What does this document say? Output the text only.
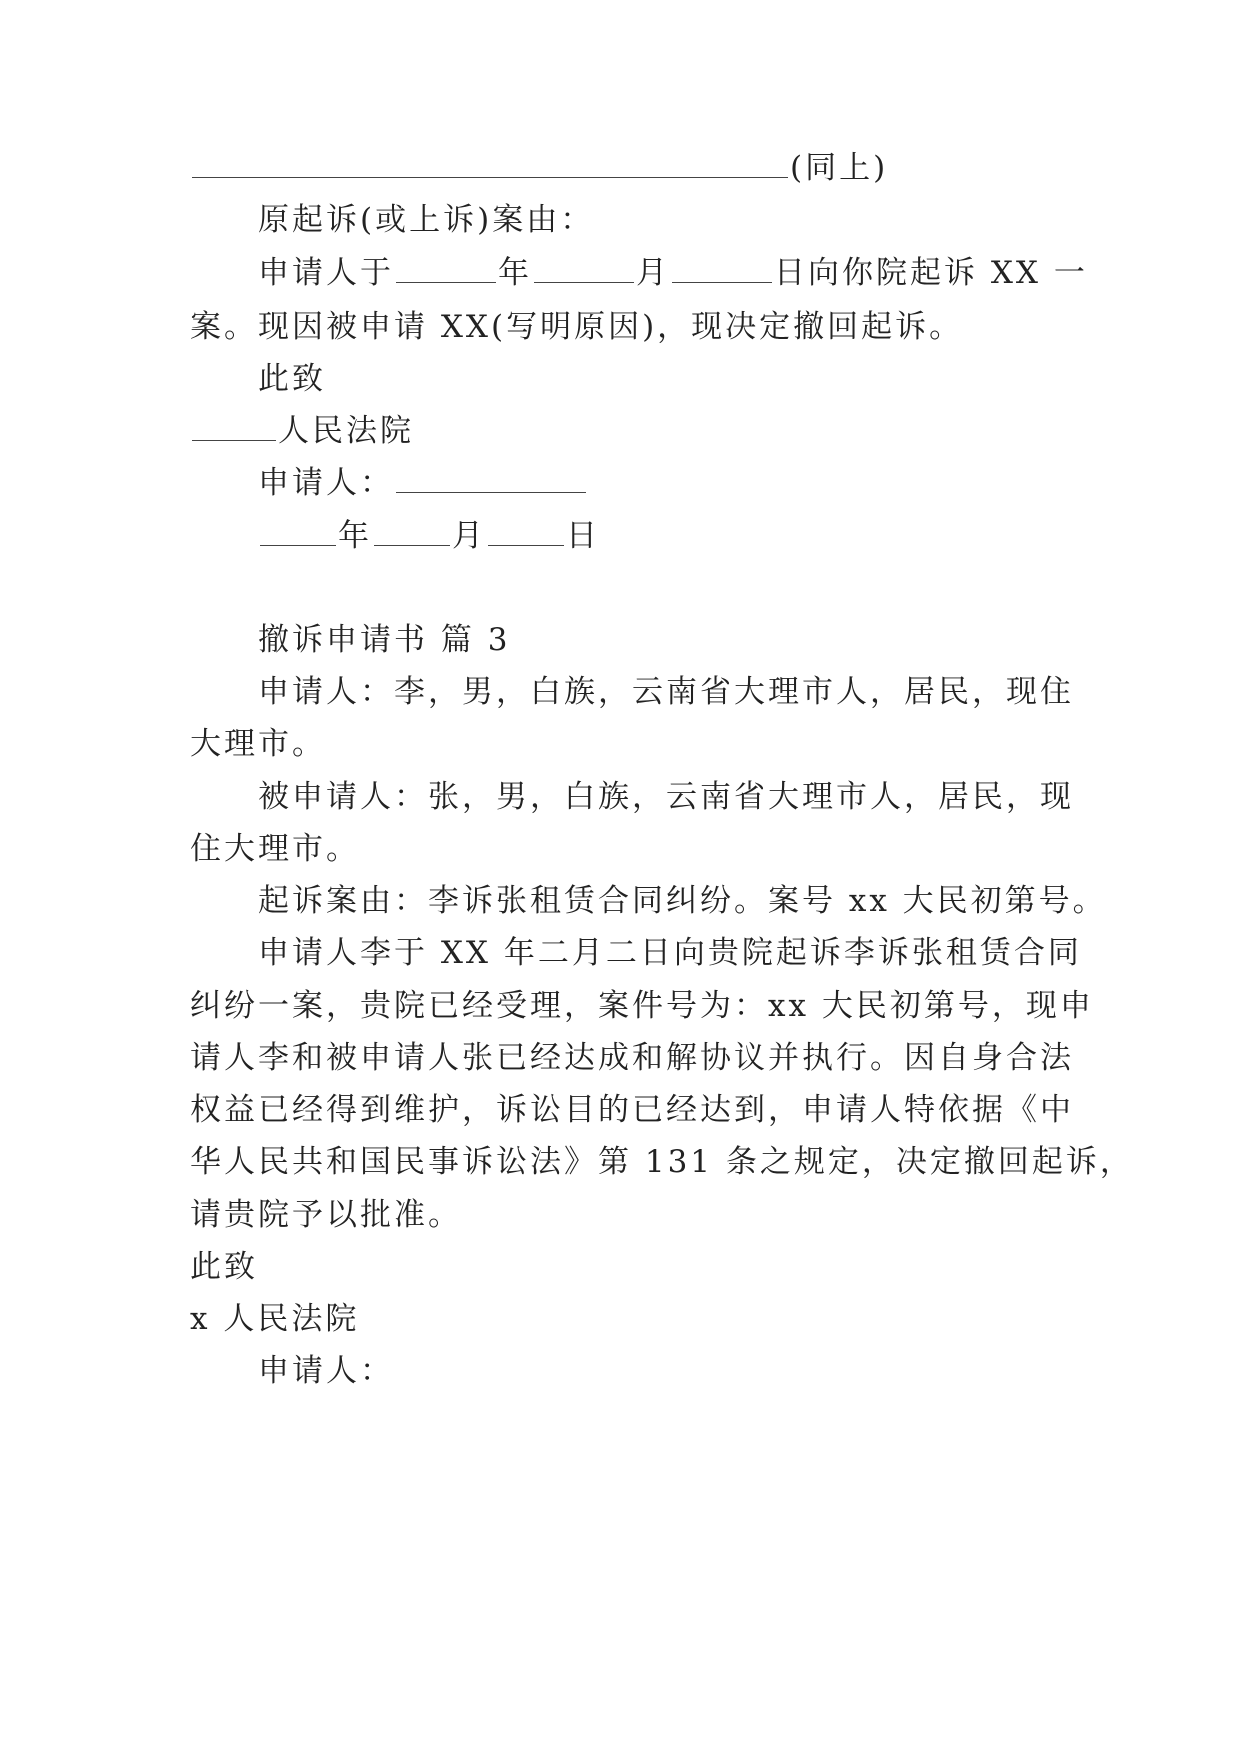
(同上)
原起诉(或上诉)案由：
申请人于	年	月	日向你院起诉 XX 一
案。现因被申请 XX(写明原因)，现决定撤回起诉。
此致
人民法院
申请人：
年	月	日
撤诉申请书 篇 3
申请人：李，男，白族，云南省大理市人，居民，现住
大理市。
被申请人：张，男，白族，云南省大理市人，居民，现
住大理市。
起诉案由：李诉张租赁合同纠纷。案号 xx 大民初第号。
申请人李于 XX 年二月二日向贵院起诉李诉张租赁合同
纠纷一案，贵院已经受理，案件号为：xx 大民初第号，现申
请人李和被申请人张已经达成和解协议并执行。因自身合法
权益已经得到维护，诉讼目的已经达到，申请人特依据《中
华人民共和国民事诉讼法》第 131 条之规定，决定撤回起诉，
请贵院予以批准。
此致
x 人民法院
申请人：
